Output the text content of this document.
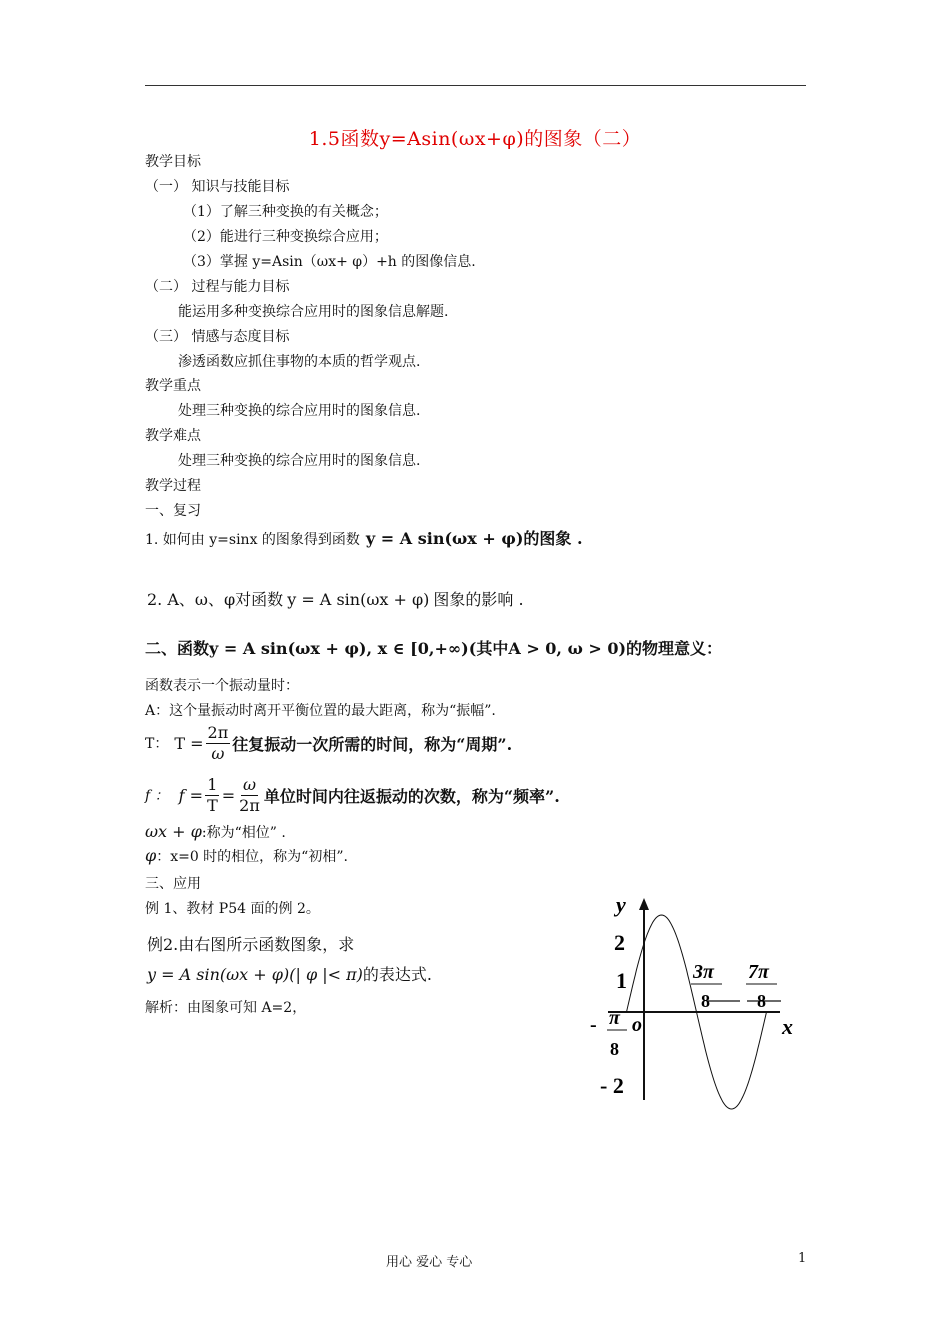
1.5函数y=Asin(ωx+φ)的图象（二）
教学目标
（一） 知识与技能目标
（1）了解三种变换的有关概念；
（2）能进行三种变换综合应用；
（3）掌握 y=Asin（ωx+ φ）+h 的图像信息.
（二） 过程与能力目标
能运用多种变换综合应用时的图象信息解题.
（三） 情感与态度目标
渗透函数应抓住事物的本质的哲学观点.
教学重点
处理三种变换的综合应用时的图象信息.
教学难点
处理三种变换的综合应用时的图象信息.
教学过程
一、复习
1. 如何由 y=sinx 的图象得到函数 y = A sin(ωx + φ)的图象 .
2. A、ω、φ对函数 y = A sin(ωx + φ) 图象的影响 .
二、函数y = A sin(ωx + φ), x ∈ [0,+∞)(其中A > 0, ω > 0)的物理意义：
函数表示一个振动量时：
A：这个量振动时离开平衡位置的最大距离，称为“振幅”.
T： $T = \frac{2\pi}{\omega}$ 往复振动一次所需的时间，称为“周期”.
f ： $f = \frac{1}{T} = \frac{\omega}{2\pi}$ 单位时间内往返振动的次数，称为“频率”.
ωx + φ:称为“相位” .
φ：x=0 时的相位，称为“初相”.
三、应用
例 1、教材 P54 面的例 2。
例2.由右图所示函数图象，求
y = A sin(ωx + φ)(| φ |< π)的表达式.
解析：由图象可知 A=2，
y
x
o
2
1
- 2
- π
8
3π
8
7π
8
用心 爱心 专心	1
